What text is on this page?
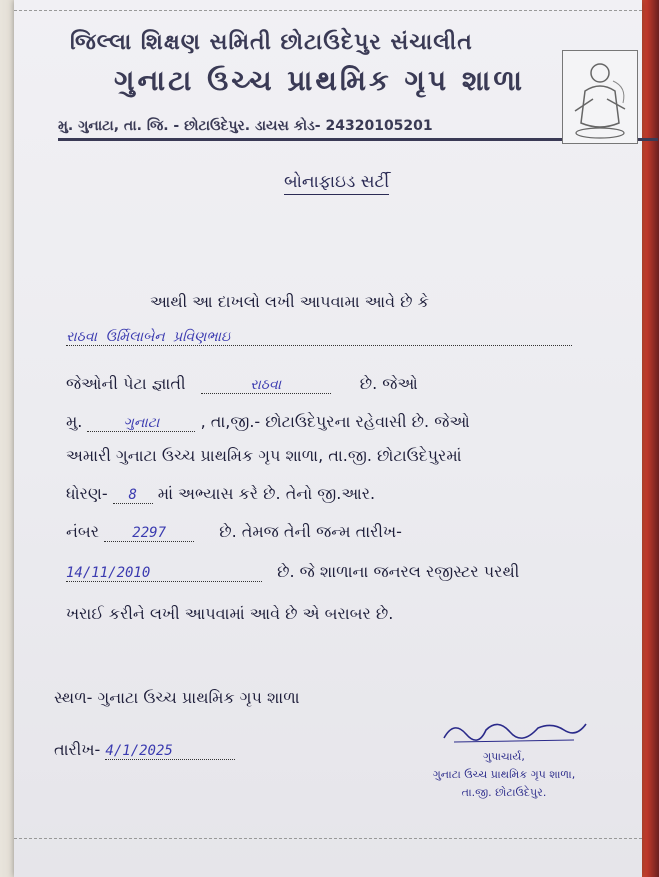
જિલ્લા શિક્ષણ સમિતી છોટાઉદેપુર સંચાલીત
ગુનાટા ઉચ્ચ પ્રાથમિક ગૃપ શાળા
મુ. ગુનાટા, તા. જિ. - છોટાઉદેપુર. ડાયસ કોડ- 24320105201
બોનાફાઇડ સર્ટી
આથી આ દાખલો લખી આપવામા આવે છે કે
રાઠવા ઉર્મિલાબેન પ્રવિણભાઇ
જેઓની પેટા જ્ઞાતી	રાઠવા	છે. જેઓ
મુ.	ગુનાટા	, તા,જી.- છોટાઉદેપુરના રહેવાસી છે. જેઓ
અમારી ગુનાટા ઉચ્ચ પ્રાથમિક ગૃપ શાળા, તા.જી. છોટાઉદેપુરમાં
ધોરણ- 8 માં અભ્યાસ કરે છે. તેનો જી.આર.
નંબર 2297	છે. તેમજ તેની જન્મ તારીખ-
14/11/2010	છે. જે શાળાના જનરલ રજીસ્ટર પરથી
ખરાઈ કરીને લખી આપવામાં આવે છે એ બરાબર છે.
સ્થળ- ગુનાટા ઉચ્ચ પ્રાથમિક ગૃપ શાળા
તારીખ- 4/1/2025	ગુપાચાર્ય,
ગુનાટા ઉચ્ચ પ્રાથમિક ગૃપ શાળા,
તા.જી. છોટાઉદેપુર.
